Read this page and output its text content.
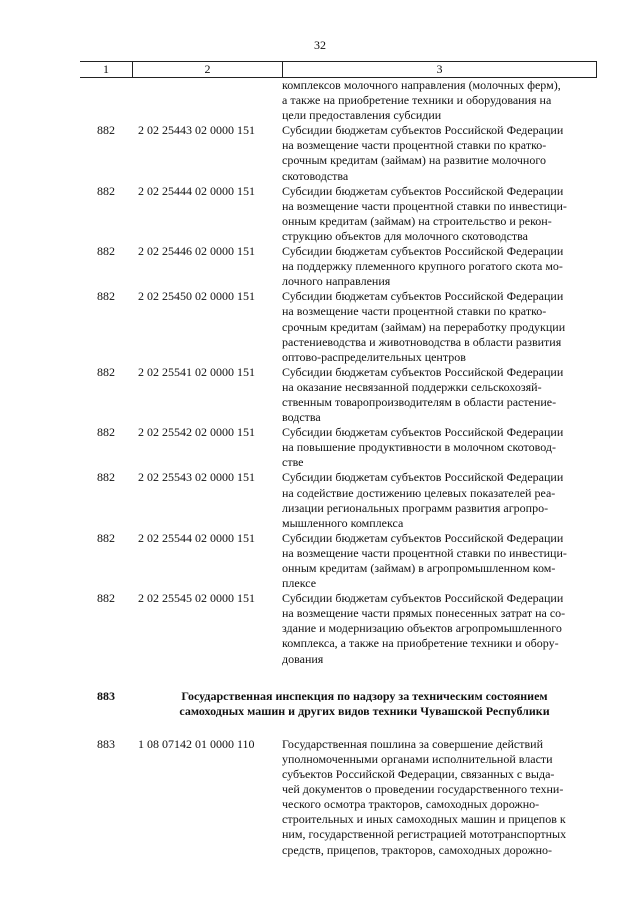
32
1	2	3
комплексов молочного направления (молочных ферм),
а также на приобретение техники и оборудования на
цели предоставления субсидии
882	2 02 25443 02 0000 151	Субсидии бюджетам субъектов Российской Федерации
на возмещение части процентной ставки по кратко-
срочным кредитам (займам) на развитие молочного
скотоводства
882	2 02 25444 02 0000 151	Субсидии бюджетам субъектов Российской Федерации
на возмещение части процентной ставки по инвестици-
онным кредитам (займам) на строительство и рекон-
струкцию объектов для молочного скотоводства
882	2 02 25446 02 0000 151	Субсидии бюджетам субъектов Российской Федерации
на поддержку племенного крупного рогатого скота мо-
лочного направления
882	2 02 25450 02 0000 151	Субсидии бюджетам субъектов Российской Федерации
на возмещение части процентной ставки по кратко-
срочным кредитам (займам) на переработку продукции
растениеводства и животноводства в области развития
оптово-распределительных центров
882	2 02 25541 02 0000 151	Субсидии бюджетам субъектов Российской Федерации
на оказание несвязанной поддержки сельскохозяй-
ственным товаропроизводителям в области растение-
водства
882	2 02 25542 02 0000 151	Субсидии бюджетам субъектов Российской Федерации
на повышение продуктивности в молочном скотовод-
стве
882	2 02 25543 02 0000 151	Субсидии бюджетам субъектов Российской Федерации
на содействие достижению целевых показателей реа-
лизации региональных программ развития агропро-
мышленного комплекса
882	2 02 25544 02 0000 151	Субсидии бюджетам субъектов Российской Федерации
на возмещение части процентной ставки по инвестици-
онным кредитам (займам) в агропромышленном ком-
плексе
882	2 02 25545 02 0000 151	Субсидии бюджетам субъектов Российской Федерации
на возмещение части прямых понесенных затрат на со-
здание и модернизацию объектов агропромышленного
комплекса, а также на приобретение техники и обору-
дования
883	Государственная инспекция по надзору за техническим состоянием
самоходных машин и других видов техники Чувашской Республики
883	1 08 07142 01 0000 110	Государственная пошлина за совершение действий
уполномоченными органами исполнительной власти
субъектов Российской Федерации, связанных с выда-
чей документов о проведении государственного техни-
ческого осмотра тракторов, самоходных дорожно-
строительных и иных самоходных машин и прицепов к
ним, государственной регистрацией мототранспортных
средств, прицепов, тракторов, самоходных дорожно-
